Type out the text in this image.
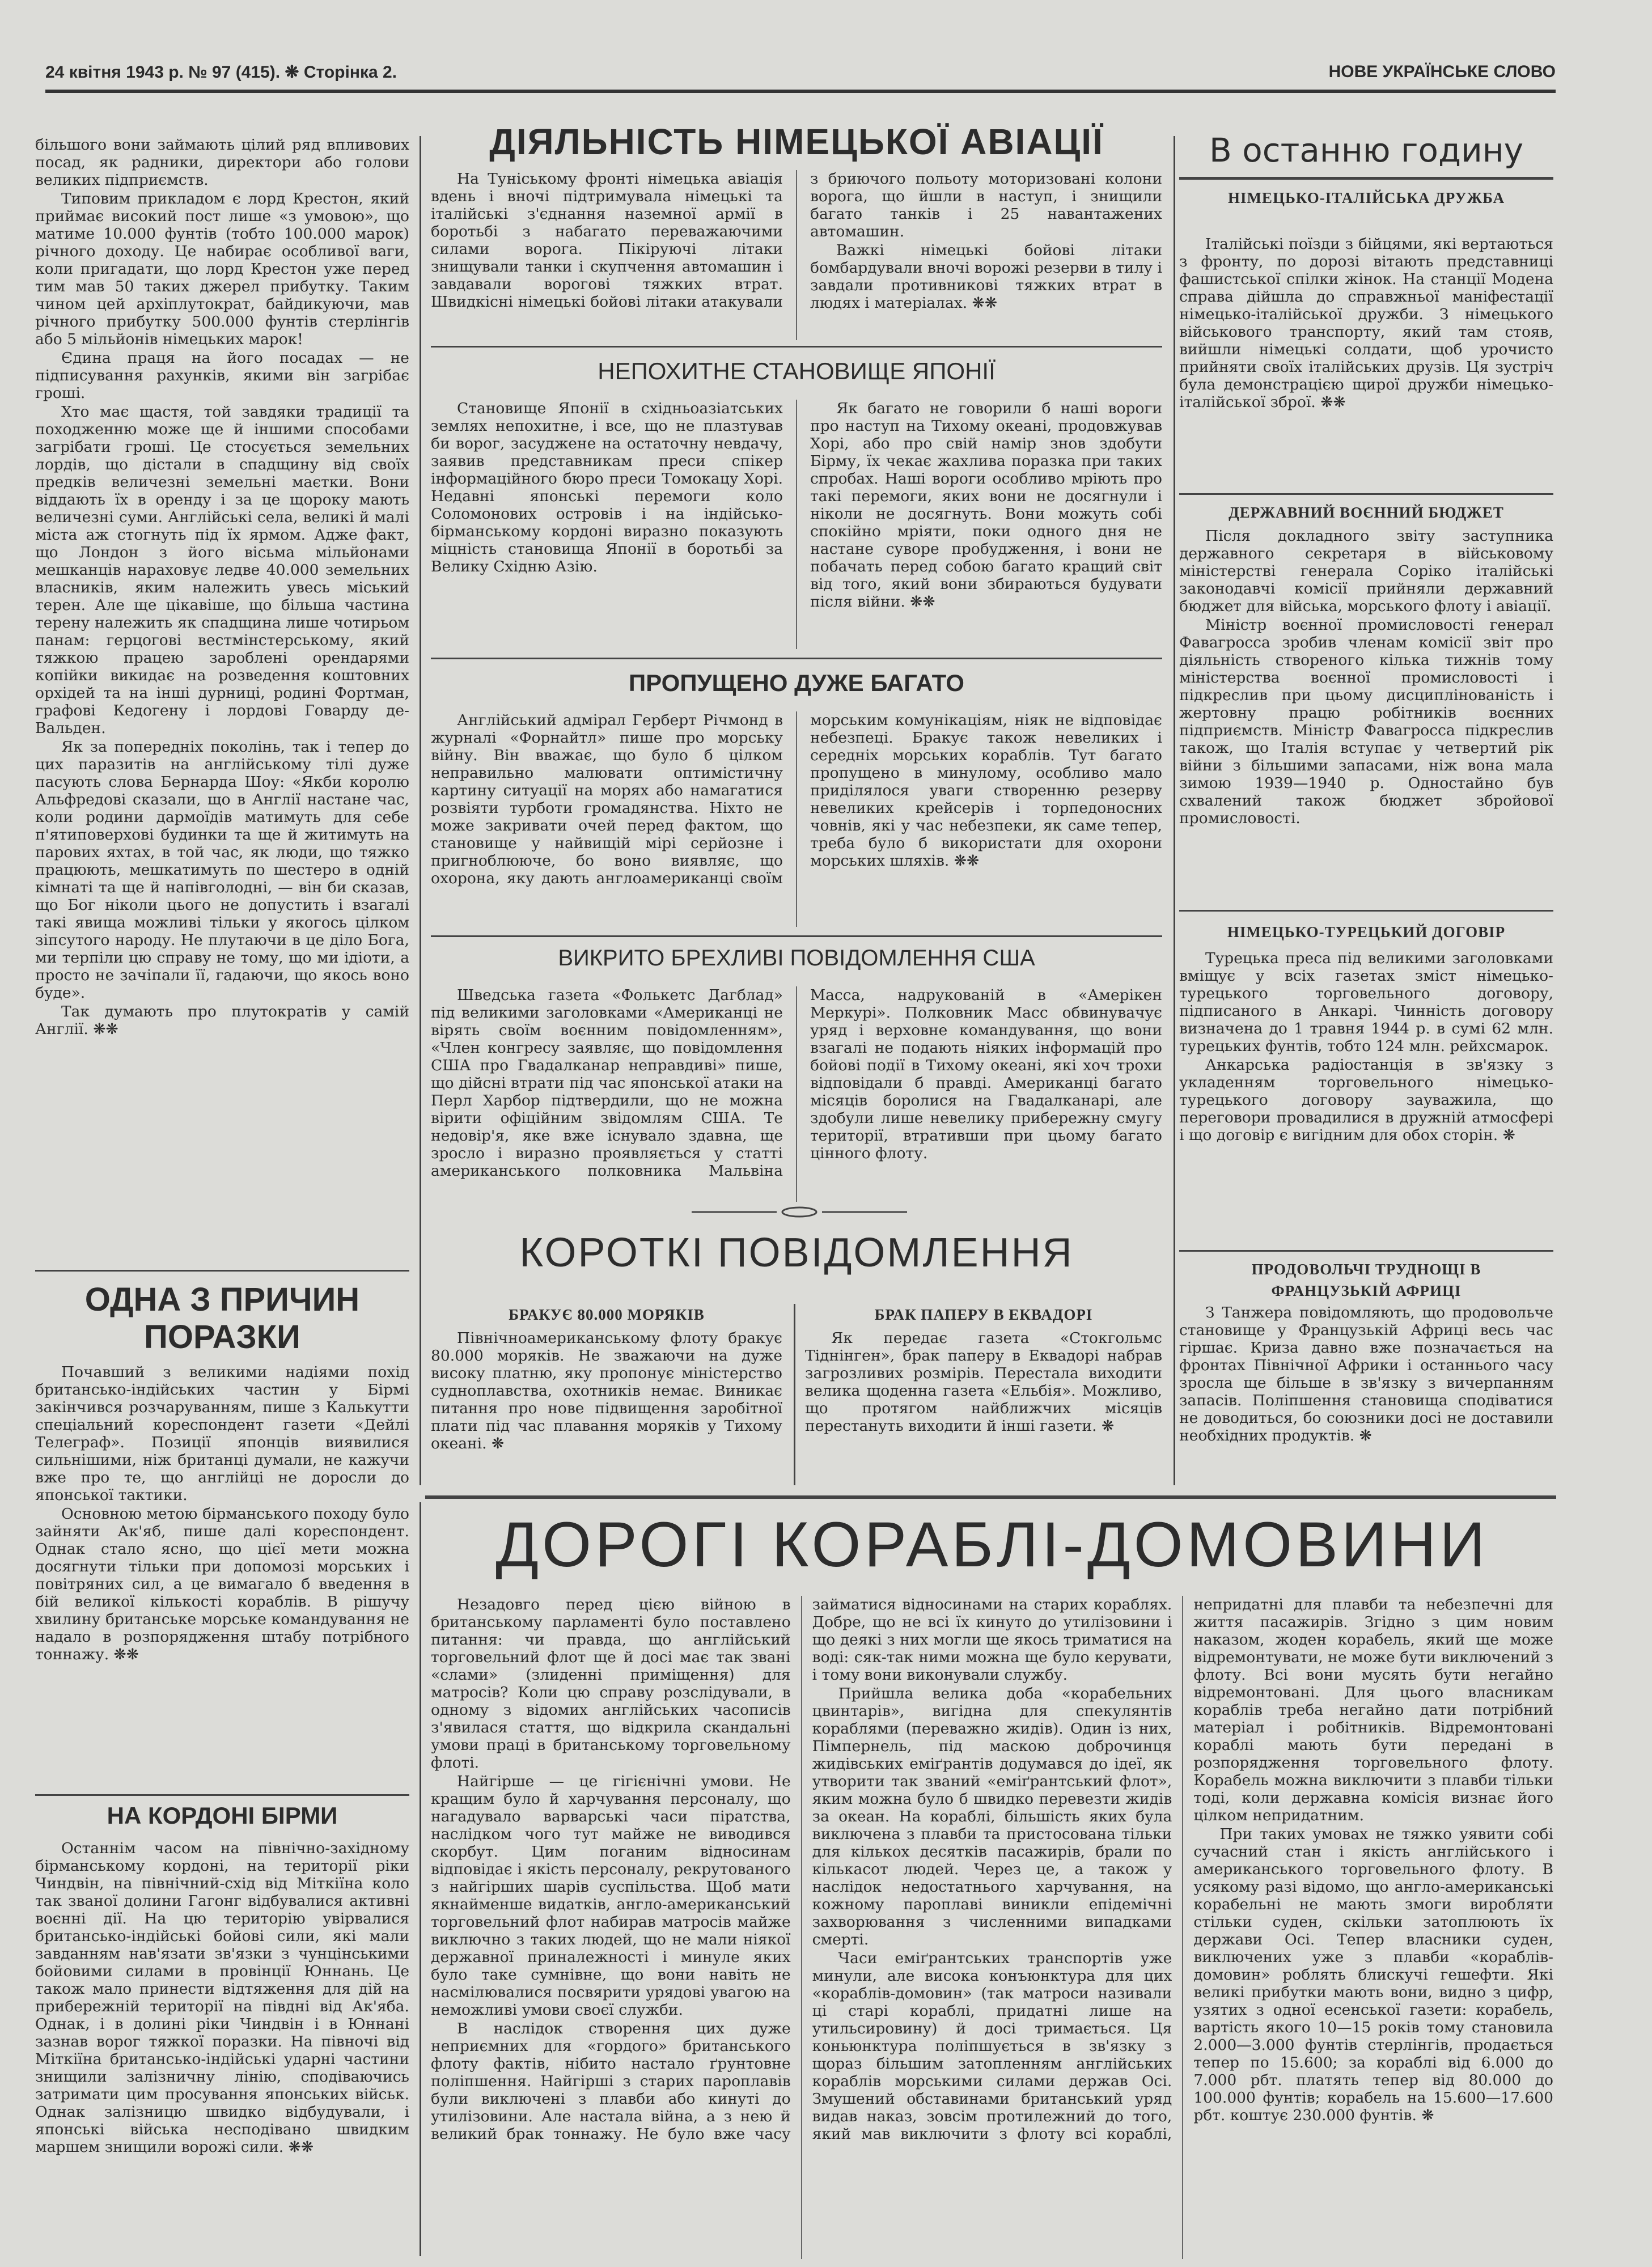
24 квітня 1943 р. № 97 (415). ❋ Сторінка 2.	НОВЕ УКРАЇНСЬКЕ СЛОВО

більшого вони займають цілий ряд впливових посад, як радники, директори або голови великих підприємств.

Типовим прикладом є лорд Крестон, який приймає високий пост лише «з умовою», що матиме 10.000 фунтів (тобто 100.000 марок) річного доходу. Це набирає особливої ваги, коли пригадати, що лорд Крестон уже перед тим мав 50 таких джерел прибутку. Таким чином цей архіплутократ, байдикуючи, мав річного прибутку 500.000 фунтів стерлінгів або 5 мільйонів німецьких марок!

Єдина праця на його посадах — не підписування рахунків, якими він загрібає гроші.

Хто має щастя, той завдяки традиції та походженню може ще й іншими способами загрібати гроші. Це стосується земельних лордів, що дістали в спадщину від своїх предків величезні земельні маєтки. Вони віддають їх в оренду і за це щороку мають величезні суми. Англійські села, великі й малі міста аж стогнуть під їх ярмом. Адже факт, що Лондон з його вісьма мільйонами мешканців нараховує ледве 40.000 земельних власників, яким належить увесь міський терен. Але ще цікавіше, що більша частина терену належить як спадщина лише чотирьом панам: герцогові вестмінстерському, який тяжкою працею зароблені орендарями копійки викидає на розведення коштовних орхідей та на інші дурниці, родині Фортман, графові Кедогену і лордові Говарду де-Вальден.

Як за попередніх поколінь, так і тепер до цих паразитів на англійському тілі дуже пасують слова Бернарда Шоу: «Якби королю Альфредові сказали, що в Англії настане час, коли родини дармоїдів матимуть для себе п'ятиповерхові будинки та ще й житимуть на парових яхтах, в той час, як люди, що тяжко працюють, мешкатимуть по шестеро в одній кімнаті та ще й напівголодні, — він би сказав, що Бог ніколи цього не допустить і взагалі такі явища можливі тільки у якогось цілком зіпсутого народу. Не плутаючи в це діло Бога, ми терпіли цю справу не тому, що ми ідіоти, а просто не зачіпали її, гадаючи, що якось воно буде».

Так думають про плутократів у самій Англії. ❋❋

ОДНА З ПРИЧИН ПОРАЗКИ

Почавший з великими надіями похід британсько-індійських частин у Бірмі закінчився розчаруванням, пише з Калькутти спеціальний кореспондент газети «Дейлі Телеграф». Позиції японців виявилися сильнішими, ніж британці думали, не кажучи вже про те, що англійці не доросли до японської тактики.

Основною метою бірманського походу було зайняти Ак'яб, пише далі кореспондент. Однак стало ясно, що цієї мети можна досягнути тільки при допомозі морських і повітряних сил, а це вимагало б введення в бій великої кількості кораблів. В рішучу хвилину британське морське командування не надало в розпорядження штабу потрібного тоннажу. ❋❋

НА КОРДОНІ БІРМИ

Останнім часом на північно-західному бірманському кордоні, на території ріки Чиндвін, на північний-схід від Міткіїна коло так званої долини Гагонг відбувалися активні воєнні дії. На цю територію увірвалися британсько-індійські бойові сили, які мали завданням нав'язати зв'язки з чунцінськими бойовими силами в провінції Юннань. Це також мало принести відтяження для дій на прибережній території на півдні від Ак'яба. Однак, і в долині ріки Чиндвін і в Юннані зазнав ворог тяжкої поразки. На півночі від Міткіїна британсько-індійські ударні частини знищили залізничну лінію, сподіваючись затримати цим просування японських військ. Однак залізницю швидко відбудували, і японські війська несподівано швидким маршем знищили ворожі сили. ❋❋

ДІЯЛЬНІСТЬ НІМЕЦЬКОЇ АВІАЦІЇ

На Туніському фронті німецька авіація вдень і вночі підтримувала німецькі та італійські з'єднання наземної армії в боротьбі з набагато переважаючими силами ворога. Пікіруючі літаки знищували танки і скупчення автомашин і завдавали ворогові тяжких втрат. Швидкісні німецькі бойові літаки атакували з бриючого польоту моторизовані колони ворога, що йшли в наступ, і знищили багато танків і 25 навантажених автомашин.

Важкі німецькі бойові літаки бомбардували вночі ворожі резерви в тилу і завдали противникові тяжких втрат в людях і матеріалах. ❋❋

НЕПОХИТНЕ СТАНОВИЩЕ ЯПОНІЇ

Становище Японії в східньоазіатських землях непохитне, і все, що не плазтував би ворог, засуджене на остаточну невдачу, заявив представникам преси спікер інформаційного бюро преси Томокацу Хорі. Недавні японські перемоги коло Соломонових островів і на індійсько-бірманському кордоні виразно показують міцність становища Японії в боротьбі за Велику Східню Азію.

Як багато не говорили б наші вороги про наступ на Тихому океані, продовжував Хорі, або про свій намір знов здобути Бірму, їх чекає жахлива поразка при таких спробах. Наші вороги особливо мріють про такі перемоги, яких вони не досягнули і ніколи не досягнуть. Вони можуть собі спокійно мріяти, поки одного дня не настане суворе пробудження, і вони не побачать перед собою багато кращий світ від того, який вони збираються будувати після війни. ❋❋

ПРОПУЩЕНО ДУЖЕ БАГАТО

Англійський адмірал Герберт Річмонд в журналі «Форнайтл» пише про морську війну. Він вважає, що було б цілком неправильно малювати оптимістичну картину ситуації на морях або намагатися розвіяти турботи громадянства. Ніхто не може закривати очей перед фактом, що становище у найвищій мірі серйозне і пригноблююче, бо воно виявляє, що охорона, яку дають англоамериканці своїм морським комунікаціям, ніяк не відповідає небезпеці. Бракує також невеликих і середніх морських кораблів. Тут багато пропущено в минулому, особливо мало приділялося уваги створенню резерву невеликих крейсерів і торпедоносних човнів, які у час небезпеки, як саме тепер, треба було б використати для охорони морських шляхів. ❋❋

ВИКРИТО БРЕХЛИВІ ПОВІДОМЛЕННЯ США

Шведська газета «Фолькетс Дагблад» під великими заголовками «Американці не вірять своїм воєнним повідомленням», «Член конгресу заявляє, що повідомлення США про Гвадалканар неправдиві» пише, що дійсні втрати під час японської атаки на Перл Харбор підтвердили, що не можна вірити офіційним звідомлям США. Те недовір'я, яке вже існувало здавна, ще зросло і виразно проявляється у статті американського полковника Мальвіна Масса, надрукованій в «Амерікен Меркурі». Полковник Масс обвинувачує уряд і верховне командування, що вони взагалі не подають ніяких інформацій про бойові події в Тихому океані, які хоч трохи відповідали б правді. Американці багато місяців боролися на Гвадалканарі, але здобули лише невелику прибережну смугу території, втративши при цьому багато цінного флоту.

КОРОТКІ ПОВІДОМЛЕННЯ
БРАКУЄ 80.000 МОРЯКІВ

Північноамериканському флоту бракує 80.000 моряків. Не зважаючи на дуже високу платню, яку пропонує міністерство судноплавства, охотників немає. Виникає питання про нове підвищення заробітної плати під час плавання моряків у Тихому океані. ❋

БРАК ПАПЕРУ В ЕКВАДОРІ

Як передає газета «Стокгольмс Тіднінген», брак паперу в Еквадорі набрав загрозливих розмірів. Перестала виходити велика щоденна газета «Ельбія». Можливо, що протягом найближчих місяців перестануть виходити й інші газети. ❋

В останню годину
НІМЕЦЬКО-ІТАЛІЙСЬКА ДРУЖБА

Італійські поїзди з бійцями, які вертаються з фронту, по дорозі вітають представниці фашистської спілки жінок. На станції Модена справа дійшла до справжньої маніфестації німецько-італійської дружби. З німецького військового транспорту, який там стояв, вийшли німецькі солдати, щоб урочисто прийняти своїх італійських друзів. Ця зустріч була демонстрацією щирої дружби німецько-італійської зброї. ❋❋

ДЕРЖАВНИЙ ВОЄННИЙ БЮДЖЕТ

Після докладного звіту заступника державного секретаря в військовому міністерстві генерала Соріко італійські законодавчі комісії прийняли державний бюджет для війська, морського флоту і авіації.

Міністр воєнної промисловості генерал Фавагросса зробив членам комісії звіт про діяльність створеного кілька тижнів тому міністерства воєнної промисловості і підкреслив при цьому дисциплінованість і жертовну працю робітників воєнних підприємств. Міністр Фавагросса підкреслив також, що Італія вступає у четвертий рік війни з більшими запасами, ніж вона мала зимою 1939—1940 р. Одностайно був схвалений також бюджет збройової промисловості.

НІМЕЦЬКО-ТУРЕЦЬКИЙ ДОГОВІР

Турецька преса під великими заголовками вміщує у всіх газетах зміст німецько-турецького торговельного договору, підписаного в Анкарі. Чинність договору визначена до 1 травня 1944 р. в сумі 62 млн. турецьких фунтів, тобто 124 млн. рейхсмарок.

Анкарська радіостанція в зв'язку з укладенням торговельного німецько-турецького договору зауважила, що переговори провадилися в дружній атмосфері і що договір є вигідним для обох сторін. ❋

ПРОДОВОЛЬЧІ ТРУДНОЩІ В ФРАНЦУЗЬКІЙ АФРИЦІ

З Танжера повідомляють, що продовольче становище у Французькій Африці весь час гіршає. Криза давно вже позначається на фронтах Північної Африки і останнього часу зросла ще більше в зв'язку з вичерпанням запасів. Поліпшення становища сподіватися не доводиться, бо союзники досі не доставили необхідних продуктів. ❋

ДОРОГІ КОРАБЛІ-ДОМОВИНИ

Незадовго перед цією війною в британському парламенті було поставлено питання: чи правда, що англійський торговельний флот ще й досі має так звані «слами» (злиденні приміщення) для матросів? Коли цю справу розслідували, в одному з відомих англійських часописів з'явилася стаття, що відкрила скандальні умови праці в британському торговельному флоті.

Найгірше — це гігієнічні умови. Не кращим було й харчування персоналу, що нагадувало варварські часи піратства, наслідком чого тут майже не виводився скорбут. Цим поганим відносинам відповідає і якість персоналу, рекрутованого з найгірших шарів суспільства. Щоб мати якнайменше видатків, англо-американський торговельний флот набирав матросів майже виключно з таких людей, що не мали ніякої державної приналежності і минуле яких було таке сумнівне, що вони навіть не насмілювалися посвярити урядові увагою на неможливі умови своєї служби.

В наслідок створення цих дуже неприємних для «гордого» британського флоту фактів, нібито настало ґрунтовне поліпшення. Найгірші з старих пароплавів були виключені з плавби або кинуті до утилізовини. Але настала війна, а з нею й великий брак тоннажу. Не було вже часу займатися відносинами на старих кораблях. Добре, що не всі їх кинуто до утилізовини і що деякі з них могли ще якось триматися на воді: сяк-так ними можна ще було керувати, і тому вони виконували службу.

Прийшла велика доба «корабельних цвинтарів», вигідна для спекулянтів кораблями (переважно жидів). Один із них, Пімпернель, під маскою доброчинця жидівських еміґрантів додумався до ідеї, як утворити так званий «еміґрантський флот», яким можна було б швидко перевезти жидів за океан. На кораблі, більшість яких була виключена з плавби та пристосована тільки для кількох десятків пасажирів, брали по кількасот людей. Через це, а також у наслідок недостатнього харчування, на кожному пароплаві виникли епідемічні захворювання з численними випадками смерті.

Часи еміґрантських транспортів уже минули, але висока конъюнктура для цих «кораблів-домовин» (так матроси називали ці старі кораблі, придатні лише на утильсировину) й досі тримається. Ця коньюнктура поліпшується в зв'язку з щораз більшим затопленням англійських кораблів морськими силами держав Осі. Змушений обставинами британський уряд видав наказ, зовсім протилежний до того, який мав виключити з флоту всі кораблі, непридатні для плавби та небезпечні для життя пасажирів. Згідно з цим новим наказом, жоден корабель, який ще може відремонтувати, не може бути виключений з флоту. Всі вони мусять бути негайно відремонтовані. Для цього власникам кораблів треба негайно дати потрібний матеріал і робітників. Відремонтовані кораблі мають бути передані в розпорядження торговельного флоту. Корабель можна виключити з плавби тільки тоді, коли державна комісія визнає його цілком непридатним.

При таких умовах не тяжко уявити собі сучасний стан і якість англійського і американського торговельного флоту. В усякому разі відомо, що англо-американські корабельні не мають змоги виробляти стільки суден, скільки затоплюють їх держави Осі. Тепер власники суден, виключених уже з плавби «кораблів-домовин» роблять блискучі гешефти. Які великі прибутки мають вони, видно з цифр, узятих з одної есенської газети: корабель, вартість якого 10—15 років тому становила 2.000—3.000 фунтів стерлінгів, продається тепер по 15.600; за кораблі від 6.000 до 7.000 рбт. платять тепер від 80.000 до 100.000 фунтів; корабель на 15.600—17.600 рбт. коштує 230.000 фунтів. ❋
